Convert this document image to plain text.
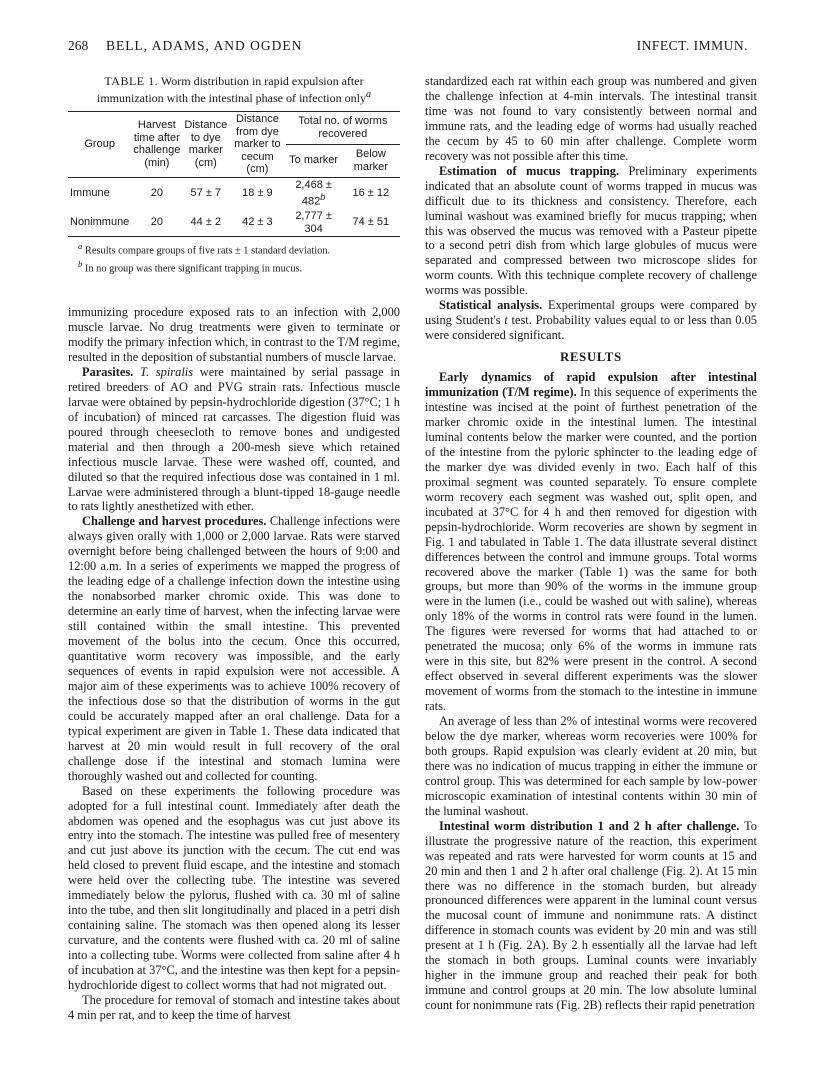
268 BELL, ADAMS, AND OGDEN	INFECT. IMMUN.
TABLE 1. Worm distribution in rapid expulsion after immunization with the intestinal phase of infection only$^a$
Group	Harvest time after challenge (min)	Distance to dye marker (cm)	Distance from dye marker to cecum (cm)	Total no. of worms recovered	
				To marker	Below marker
Immune	20	57 ± 7	18 ± 9	$2,468 \pm 482^b$	16 ± 12
Nonimmune	20	44 ± 2	42 ± 3	2,777 ± 304	74 ± 51
$^a$ Results compare groups of five rats ± 1 standard deviation.
$^b$ In no group was there significant trapping in mucus.

immunizing procedure exposed rats to an infection with 2,000 muscle larvae. No drug treatments were given to terminate or modify the primary infection which, in contrast to the T/M regime, resulted in the deposition of substantial numbers of muscle larvae.

Parasites. T. spiralis were maintained by serial passage in retired breeders of AO and PVG strain rats. Infectious muscle larvae were obtained by pepsin-hydrochloride digestion (37°C; 1 h of incubation) of minced rat carcasses. The digestion fluid was poured through cheesecloth to remove bones and undigested material and then through a 200-mesh sieve which retained infectious muscle larvae. These were washed off, counted, and diluted so that the required infectious dose was contained in 1 ml. Larvae were administered through a blunt-tipped 18-gauge needle to rats lightly anesthetized with ether.

Challenge and harvest procedures. Challenge infections were always given orally with 1,000 or 2,000 larvae. Rats were starved overnight before being challenged between the hours of 9:00 and 12:00 a.m. In a series of experiments we mapped the progress of the leading edge of a challenge infection down the intestine using the nonabsorbed marker chromic oxide. This was done to determine an early time of harvest, when the infecting larvae were still contained within the small intestine. This prevented movement of the bolus into the cecum. Once this occurred, quantitative worm recovery was impossible, and the early sequences of events in rapid expulsion were not accessible. A major aim of these experiments was to achieve 100% recovery of the infectious dose so that the distribution of worms in the gut could be accurately mapped after an oral challenge. Data for a typical experiment are given in Table 1. These data indicated that harvest at 20 min would result in full recovery of the oral challenge dose if the intestinal and stomach lumina were thoroughly washed out and collected for counting.

Based on these experiments the following procedure was adopted for a full intestinal count. Immediately after death the abdomen was opened and the esophagus was cut just above its entry into the stomach. The intestine was pulled free of mesentery and cut just above its junction with the cecum. The cut end was held closed to prevent fluid escape, and the intestine and stomach were held over the collecting tube. The intestine was severed immediately below the pylorus, flushed with ca. 30 ml of saline into the tube, and then slit longitudinally and placed in a petri dish containing saline. The stomach was then opened along its lesser curvature, and the contents were flushed with ca. 20 ml of saline into a collecting tube. Worms were collected from saline after 4 h of incubation at 37°C, and the intestine was then kept for a pepsin-hydrochloride digest to collect worms that had not migrated out.

The procedure for removal of stomach and intestine takes about 4 min per rat, and to keep the time of harvest

standardized each rat within each group was numbered and given the challenge infection at 4-min intervals. The intestinal transit time was not found to vary consistently between normal and immune rats, and the leading edge of worms had usually reached the cecum by 45 to 60 min after challenge. Complete worm recovery was not possible after this time.

Estimation of mucus trapping. Preliminary experiments indicated that an absolute count of worms trapped in mucus was difficult due to its thickness and consistency. Therefore, each luminal washout was examined briefly for mucus trapping; when this was observed the mucus was removed with a Pasteur pipette to a second petri dish from which large globules of mucus were separated and compressed between two microscope slides for worm counts. With this technique complete recovery of challenge worms was possible.

Statistical analysis. Experimental groups were compared by using Student's t test. Probability values equal to or less than 0.05 were considered significant.

RESULTS

Early dynamics of rapid expulsion after intestinal immunization (T/M regime). In this sequence of experiments the intestine was incised at the point of furthest penetration of the marker chromic oxide in the intestinal lumen. The intestinal luminal contents below the marker were counted, and the portion of the intestine from the pyloric sphincter to the leading edge of the marker dye was divided evenly in two. Each half of this proximal segment was counted separately. To ensure complete worm recovery each segment was washed out, split open, and incubated at 37°C for 4 h and then removed for digestion with pepsin-hydrochloride. Worm recoveries are shown by segment in Fig. 1 and tabulated in Table 1. The data illustrate several distinct differences between the control and immune groups. Total worms recovered above the marker (Table 1) was the same for both groups, but more than 90% of the worms in the immune group were in the lumen (i.e., could be washed out with saline), whereas only 18% of the worms in control rats were found in the lumen. The figures were reversed for worms that had attached to or penetrated the mucosa; only 6% of the worms in immune rats were in this site, but 82% were present in the control. A second effect observed in several different experiments was the slower movement of worms from the stomach to the intestine in immune rats.

An average of less than 2% of intestinal worms were recovered below the dye marker, whereas worm recoveries were 100% for both groups. Rapid expulsion was clearly evident at 20 min, but there was no indication of mucus trapping in either the immune or control group. This was determined for each sample by low-power microscopic examination of intestinal contents within 30 min of the luminal washout.

Intestinal worm distribution 1 and 2 h after challenge. To illustrate the progressive nature of the reaction, this experiment was repeated and rats were harvested for worm counts at 15 and 20 min and then 1 and 2 h after oral challenge (Fig. 2). At 15 min there was no difference in the stomach burden, but already pronounced differences were apparent in the luminal count versus the mucosal count of immune and nonimmune rats. A distinct difference in stomach counts was evident by 20 min and was still present at 1 h (Fig. 2A). By 2 h essentially all the larvae had left the stomach in both groups. Luminal counts were invariably higher in the immune group and reached their peak for both immune and control groups at 20 min. The low absolute luminal count for nonimmune rats (Fig. 2B) reflects their rapid penetration
